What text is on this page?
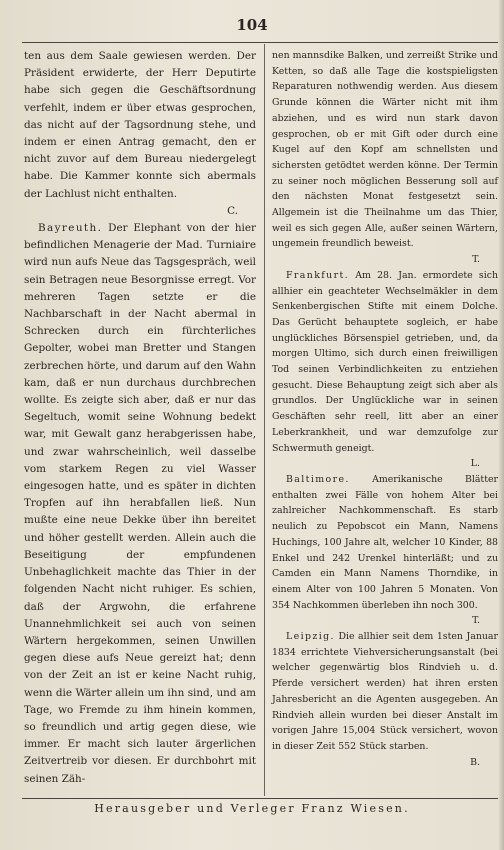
104

ten aus dem Saale gewiesen werden. Der Präsident erwiderte, der Herr Deputirte habe sich gegen die Geschäftsordnung verfehlt, indem er über etwas gesprochen, das nicht auf der Tagsordnung stehe, und indem er einen Antrag gemacht, den er nicht zuvor auf dem Bureau niedergelegt habe. Die Kammer konnte sich abermals der Lachlust nicht enthalten.
C.

Bayreuth. Der Elephant von der hier befindlichen Menagerie der Mad. Turniaire wird nun aufs Neue das Tagsgespräch, weil sein Betragen neue Besorgnisse erregt. Vor mehreren Tagen setzte er die Nachbarschaft in der Nacht abermal in Schrecken durch ein fürchterliches Gepolter, wobei man Bretter und Stangen zerbrechen hörte, und darum auf den Wahn kam, daß er nun durchaus durchbrechen wollte. Es zeigte sich aber, daß er nur das Segeltuch, womit seine Wohnung bedekt war, mit Gewalt ganz herabgerissen habe, und zwar wahrscheinlich, weil dasselbe vom starkem Regen zu viel Wasser eingesogen hatte, und es später in dichten Tropfen auf ihn herabfallen ließ. Nun mußte eine neue Dekke über ihn bereitet und höher gestellt werden. Allein auch die Beseitigung der empfundenen Unbehaglichkeit machte das Thier in der folgenden Nacht nicht ruhiger. Es schien, daß der Argwohn, die erfahrene Unannehmlichkeit sei auch von seinen Wärtern hergekommen, seinen Unwillen gegen diese aufs Neue gereizt hat; denn von der Zeit an ist er keine Nacht ruhig, wenn die Wärter allein um ihn sind, und am Tage, wo Fremde zu ihm hinein kommen, so freundlich und artig gegen diese, wie immer. Er macht sich lauter ärgerlichen Zeitvertreib vor diesen. Er durchbohrt mit seinen Zäh-

nen mannsdike Balken, und zerreißt Strike und Ketten, so daß alle Tage die kostspieligsten Reparaturen nothwendig werden. Aus diesem Grunde können die Wärter nicht mit ihm abziehen, und es wird nun stark davon gesprochen, ob er mit Gift oder durch eine Kugel auf den Kopf am schnellsten und sichersten getödtet werden könne. Der Termin zu seiner noch möglichen Besserung soll auf den nächsten Monat festgesetzt sein. Allgemein ist die Theilnahme um das Thier, weil es sich gegen Alle, außer seinen Wärtern, ungemein freundlich beweist.
T.

Frankfurt. Am 28. Jan. ermordete sich allhier ein geachteter Wechselmäkler in dem Senkenbergischen Stifte mit einem Dolche. Das Gerücht behauptete sogleich, er habe unglückliches Börsenspiel getrieben, und, da morgen Ultimo, sich durch einen freiwilligen Tod seinen Verbindlichkeiten zu entziehen gesucht. Diese Behauptung zeigt sich aber als grundlos. Der Unglückliche war in seinen Geschäften sehr reell, litt aber an einer Leberkrankheit, und war demzufolge zur Schwermuth geneigt.
L.

Baltimore. Amerikanische Blätter enthalten zwei Fälle von hohem Alter bei zahlreicher Nachkommenschaft. Es starb neulich zu Pepobscot ein Mann, Namens Huchings, 100 Jahre alt, welcher 10 Kinder, 88 Enkel und 242 Urenkel hinterläßt; und zu Camden ein Mann Namens Thorndike, in einem Alter von 100 Jahren 5 Monaten. Von 354 Nachkommen überleben ihn noch 300.
T.

Leipzig. Die allhier seit dem 1sten Januar 1834 errichtete Viehversicherungsanstalt (bei welcher gegenwärtig blos Rindvieh u. d. Pferde versichert werden) hat ihren ersten Jahresbericht an die Agenten ausgegeben. An Rindvieh allein wurden bei dieser Anstalt im vorigen Jahre 15,004 Stück versichert, wovon in dieser Zeit 552 Stück starben.
B.

Herausgeber und Verleger Franz Wiesen.
